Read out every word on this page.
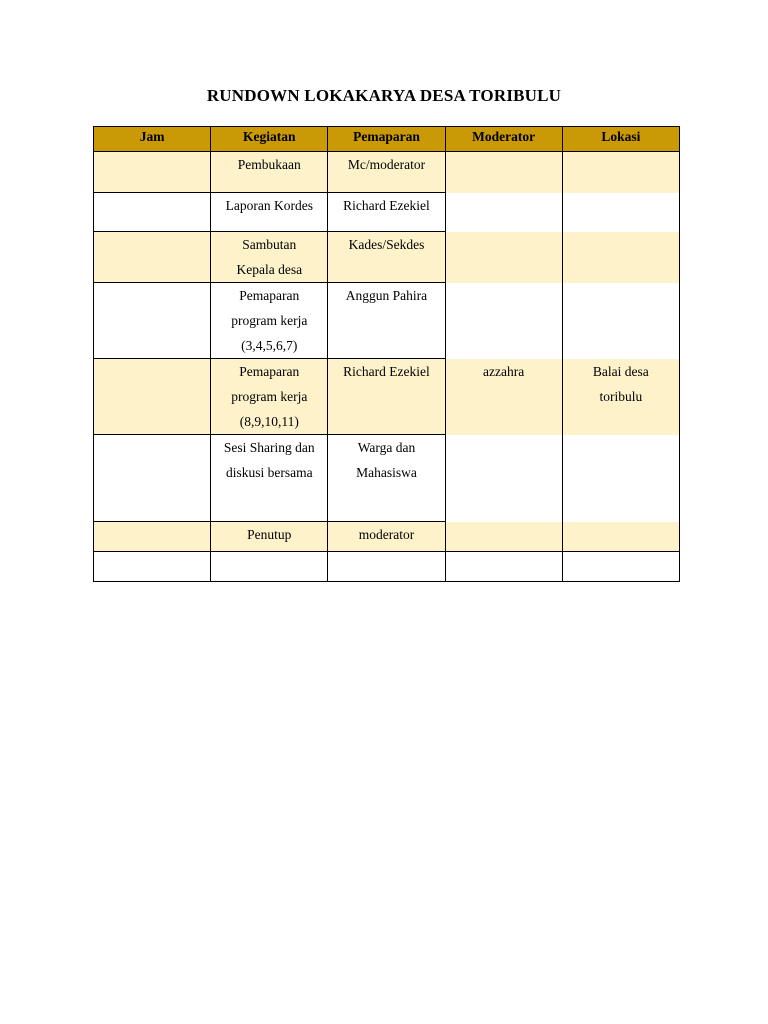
RUNDOWN LOKAKARYA DESA TORIBULU
Jam	Kegiatan	Pemaparan	Moderator	Lokasi
	Pembukaan	Mc/moderator		
	Laporan Kordes	Richard Ezekiel		
	Sambutan Kepala desa	Kades/Sekdes		
	Pemaparan program kerja (3,4,5,6,7)	Anggun Pahira		
	Pemaparan program kerja (8,9,10,11)	Richard Ezekiel	azzahra	Balai desa toribulu
	Sesi Sharing dan diskusi bersama	Warga dan Mahasiswa		
	Penutup	moderator		
